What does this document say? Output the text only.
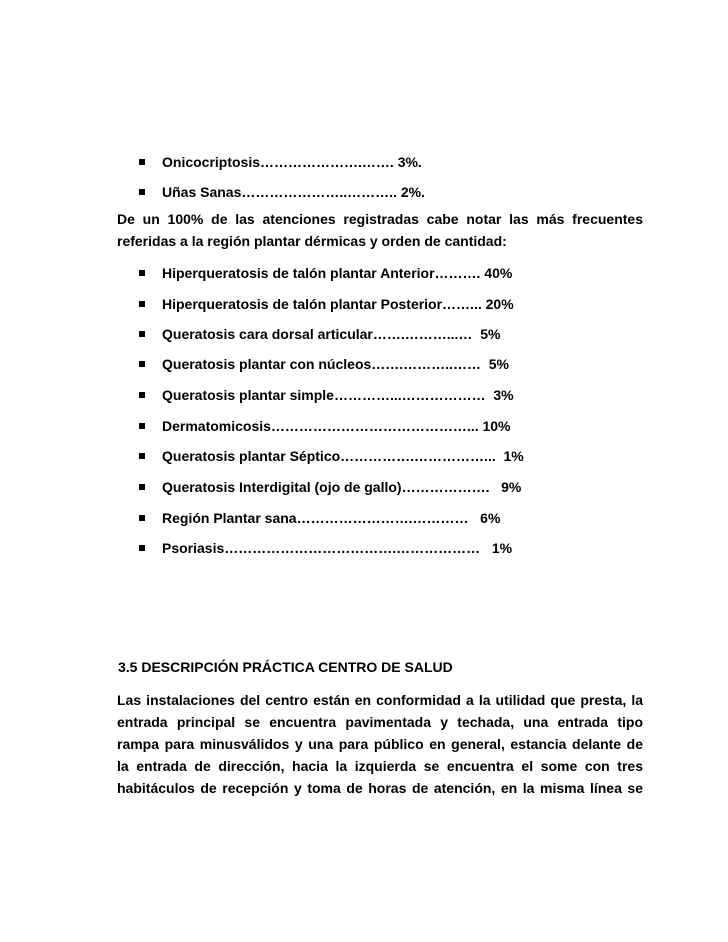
Onicocriptosis………………….……. 3%.
Uñas Sanas…………………..……….. 2%.
De un 100% de las atenciones registradas cabe notar las más frecuentes
referidas a la región plantar dérmicas y orden de cantidad:
Hiperqueratosis de talón plantar Anterior………. 40%
Hiperqueratosis de talón plantar Posterior……... 20%
Queratosis cara dorsal articular…….………...…  5%
Queratosis plantar con núcleos…….………..……  5%
Queratosis plantar simple…………...………………  3%
Dermatomicosis……………………………………... 10%
Queratosis plantar Séptico…………….……………...  1%
Queratosis Interdigital (ojo de gallo)……………….   9%
Región Plantar sana…………………….…………   6%
Psoriasis……………………………….………………   1%
3.5 DESCRIPCIÓN PRÁCTICA CENTRO DE SALUD
Las instalaciones del centro están en conformidad a la utilidad que presta, la
entrada principal se encuentra pavimentada y techada, una entrada tipo
rampa para minusválidos y una para público en general, estancia delante de
la entrada de dirección, hacia la izquierda se encuentra el some con tres
habitáculos de recepción y toma de horas de atención, en la misma línea se
